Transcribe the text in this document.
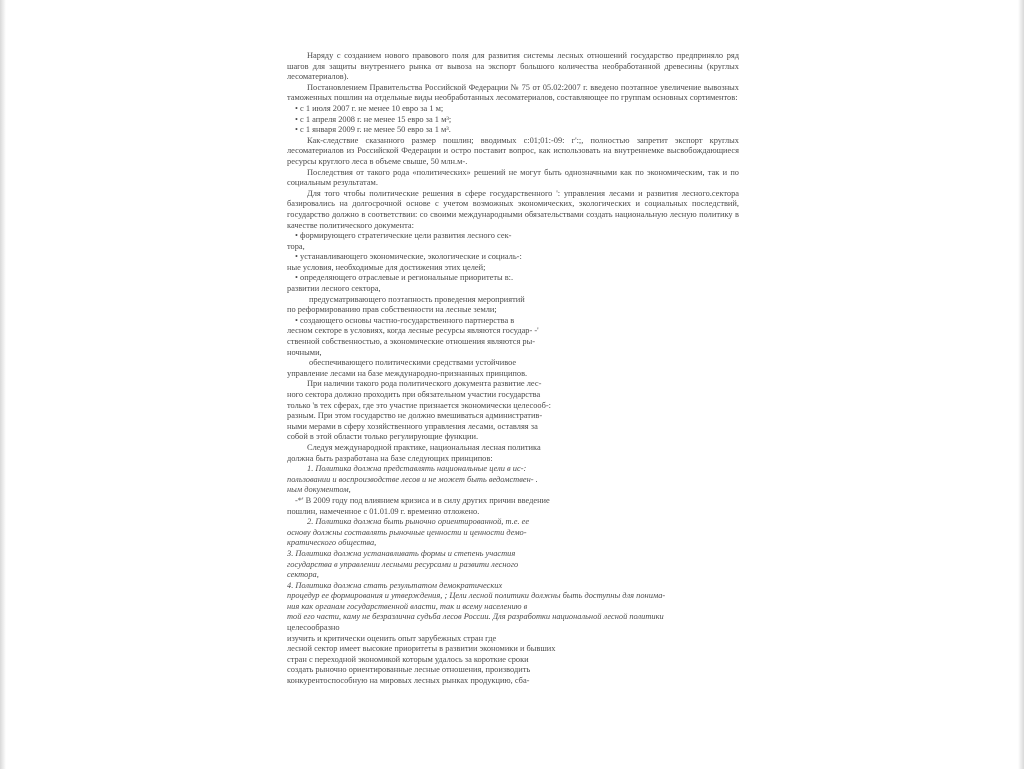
Наряду с созданием нового правового поля для развития системы лесных отношений государство предпринялo ряд шагов для защиты внутреннего рынка от вывоза на экспорт большого количества необработанной древесины (круглых лесоматериалов).

Постановлением Правительства Российской Федерации № 75 от 05.02:2007 г. введено поэтапное увеличение вывозных таможенных пошлин на отдельные виды необработанных лесоматериалов, составляющее по группам основных сортиментов:

• с 1 июля 2007 г. не менее 10 евро за 1 м;

• с 1 апреля 2008 г. не менее 15 евро за 1 м³;

• с 1 января 2009 г. не менее 50 евро за 1 м³.

Как-следствие сказанного размер пошлин; вводимых с:01;01:-09: г':;, полностью запретит экспорт круглых лесоматериалов из Российской Федерации и остро поставит вопрос, как использовать на внутреннемке высвобождающиеся ресурсы круглого леса в объеме свыше, 50 млн.м-.

Последствия от такого рода «политических» решений не могут быть однозначными как по экономическим, так и по социальным результатам.

Для того чтобы политические решения в сфере государственного ': управления лесами и развития лесного.сектора базировались на долгосрочной основе с учетом возможных экономических, экологических и социальных последствий, государство должно в соответствии: со своими международными обязательствами создать национальную лесную политику в качестве политического документа:

• формирующего стратегические цели развития лесного сек-

тора,

• устанавливающего экономические, экологические и социаль-:

ные условия, необходимые для достижения этих целей;

• определяющего отраслевые и региональные приоритеты в:.

развитии лесного сектора,

предусматривающего поэтапность проведения мероприятий

по реформированию прав собственности на лесные земли;

• создающего основы частно-государственного партнерства в

лесном секторе в условиях, когда лесные ресурсы являются государ- -'

ственной собственностью, а экономические отношения являются ры-

ночными,

обеспечивающего политическими средствами устойчивое

управление лесами на базе международно-признанных принципов.

При наличии такого рода политического документа развитие лес-

ного сектора должно проходить при обязательном участии государства

только 'в тех сферах, где это участие признается экономически целесооб-:

разным. При этом государство не должно вмешиваться административ-

ными мерами в сферу хозяйственного управления лесами, оставляя за

собой в этой области только регулирующие функции.

Следуя международной практике, национальная лесная политика

должна быть разработана на базе следующих принципов:

1. Политика должна представлять национальные цели в ис-:

пользовании и воспроизводстве лесов и не может быть ведомствен- .

ным документом,

-*' В 2009 году под влиянием кризиса и в силу других причин введение

пошлин, намеченное с 01.01.09 г. временно отложено.

2. Политика должна быть рыночно ориентированной, т.е. ее

основу должны составлять рыночные ценности и ценности демо-

кратического общества,

3. Политика должна устанавливать формы и степень участия

государства в управлении лесными ресурсами и развити лесного

сектора,

4. Политика должна стать результатом демократических

процедур ее формирования и утверждения, ; Цели лесной политики должны быть доступны для понима-

ния как органам государственной власти, так и всему населению в

той его части, каму не безразлична судьба лесов России. Для разработки национальной лесной политики

целесообразно

изучить и критически оценить опыт зарубежных стран где

лесной сектор имеет высокие приоритеты в развитии экономики и бывших

стран с переходной экономикой которым удалось за короткие сроки

создать рыночно ориентированные лесные отношения, производить

конкурентоспособную на мировых лесных рынках продукцию, сба-
